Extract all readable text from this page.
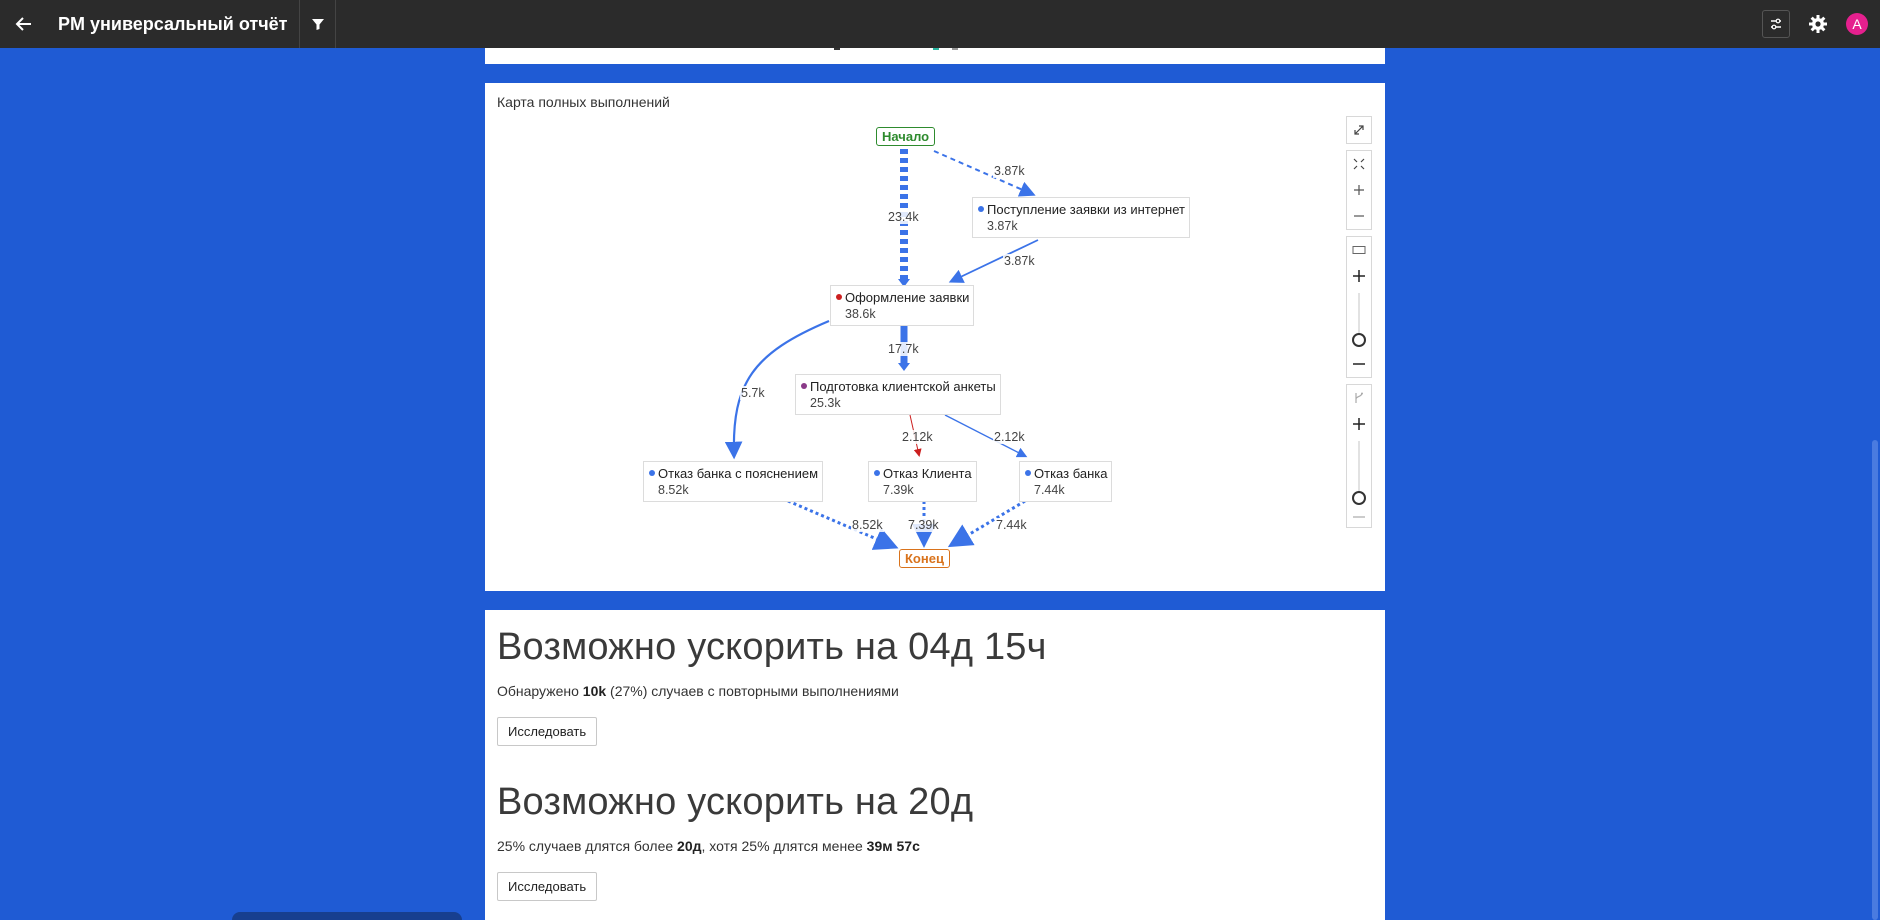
PM универсальный отчёт	A
Карта полных выполнений
Начало
Конец
Поступление заявки из интернет
3.87k
Оформление заявки
38.6k
Подготовка клиентской анкеты
25.3k
Отказ банка с пояснением
8.52k
Отказ Клиента
7.39k
Отказ банка
7.44k
3.87k
23.4k
3.87k
17.7k
5.7k
2.12k	2.12k
8.52k 7.39k	7.44k
Возможно ускорить на 04д 15ч

Обнаружено 10k (27%) случаев с повторными выполнениями

Исследовать
Возможно ускорить на 20д

25% случаев длятся более 20д, хотя 25% длятся менее 39м 57с

Исследовать
